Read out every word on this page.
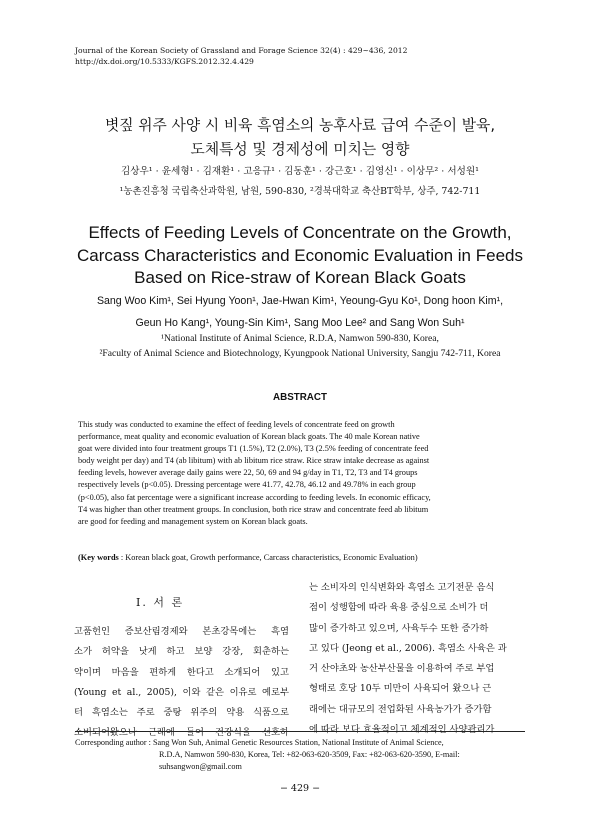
Journal of the Korean Society of Grassland and Forage Science 32(4) : 429~436, 2012
http://dx.doi.org/10.5333/KGFS.2012.32.4.429
볏짚 위주 사양 시 비육 흑염소의 농후사료 급여 수준이 발육,
도체특성 및 경제성에 미치는 영향
김상우¹ · 윤세형¹ · 김재환¹ · 고응규¹ · 김동훈¹ · 강근호¹ · 김영신¹ · 이상무² · 서성원¹
¹농촌진흥청 국립축산과학원, 남원, 590-830, ²경북대학교 축산BT학부, 상주, 742-711
Effects of Feeding Levels of Concentrate on the Growth,
Carcass Characteristics and Economic Evaluation in Feeds
Based on Rice-straw of Korean Black Goats
Sang Woo Kim¹, Sei Hyung Yoon¹, Jae-Hwan Kim¹, Yeoung-Gyu Ko¹, Dong hoon Kim¹,
Geun Ho Kang¹, Young-Sin Kim¹, Sang Moo Lee² and Sang Won Suh¹
¹National Institute of Animal Science, R.D.A, Namwon 590-830, Korea,
²Faculty of Animal Science and Biotechnology, Kyungpook National University, Sangju 742-711, Korea
ABSTRACT

This study was conducted to examine the effect of feeding levels of concentrate feed on growth

performance, meat quality and economic evaluation of Korean black goats. The 40 male Korean native

goat were divided into four treatment groups T1 (1.5%), T2 (2.0%), T3 (2.5% feeding of concentrate feed

body weight per day) and T4 (ab libitum) with ab libitum rice straw. Rice straw intake decrease as against

feeding levels, however average daily gains were 22, 50, 69 and 94 g/day in T1, T2, T3 and T4 groups

respectively levels (p<0.05). Dressing percentage were 41.77, 42.78, 46.12 and 49.78% in each group

(p<0.05), also fat percentage were a significant increase according to feeding levels. In economic efficacy,

T4 was higher than other treatment groups. In conclusion, both rice straw and concentrate feed ab libitum

are good for feeding and management system on Korean black goats.

(Key words : Korean black goat, Growth performance, Carcass characteristics, Economic Evaluation)
Ⅰ. 서 론
고품헌인 증보산림경제와 본초강목에는 흑염
소가 허약을 낫게 하고 보양 강장, 회춘하는
약이며 마음을 편하게 한다고 소개되어 있고
(Young et al., 2005), 이와 같은 이유로 예로부
터 흑염소는 주로 중탕 위주의 약용 식품으로
소비되어왔으나 근래에 들어 건강식을 선호하
는 소비자의 인식변화와 흑염소 고기전문 음식
점이 성행함에 따라 육용 중심으로 소비가 더
많이 증가하고 있으며, 사육두수 또한 증가하
고 있다 (Jeong et al., 2006). 흑염소 사육은 과
거 산야초와 농산부산물을 이용하여 주로 부업
형태로 호당 10두 미만이 사육되어 왔으나 근
래에는 대규모의 전업화된 사육농가가 증가함
에 따라 보다 효율적이고 체계적인 사양관리가
Corresponding author : Sang Won Suh, Animal Genetic Resources Station, National Institute of Animal Science,
R.D.A, Namwon 590-830, Korea, Tel: +82-063-620-3509, Fax: +82-063-620-3590, E-mail:
suhsangwon@gmail.com
− 429 −
